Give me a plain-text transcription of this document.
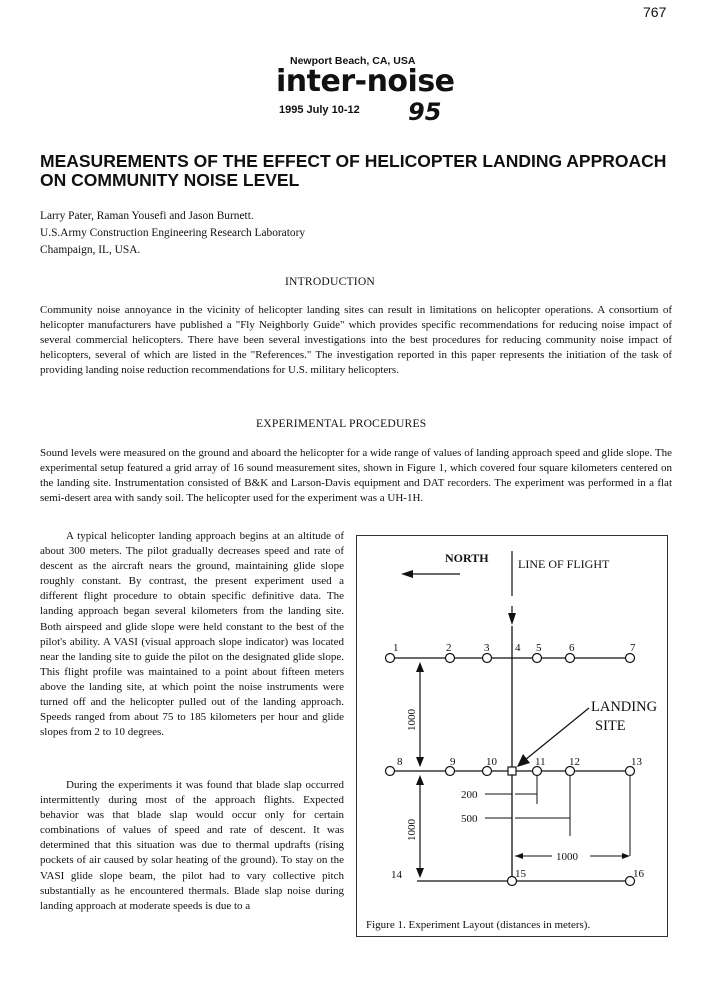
767
Newport Beach, CA, USA
inter-noise
1995 July 10-12 95
MEASUREMENTS OF THE EFFECT OF HELICOPTER LANDING APPROACH ON COMMUNITY NOISE LEVEL
Larry Pater, Raman Yousefi and Jason Burnett.
U.S.Army Construction Engineering Research Laboratory
Champaign, IL, USA.
INTRODUCTION
Community noise annoyance in the vicinity of helicopter landing sites can result in limitations on helicopter operations. A consortium of helicopter manufacturers have published a "Fly Neighborly Guide" which provides specific recommendations for reducing noise impact of several commercial helicopters. There have been several investigations into the best procedures for reducing community noise impact of helicopters, several of which are listed in the "References." The investigation reported in this paper represents the initiation of the task of providing landing noise reduction recommendations for U.S. military helicopters.
EXPERIMENTAL PROCEDURES
Sound levels were measured on the ground and aboard the helicopter for a wide range of values of landing approach speed and glide slope. The experimental setup featured a grid array of 16 sound measurement sites, shown in Figure 1, which covered four square kilometers centered on the landing site. Instrumentation consisted of B&K and Larson-Davis equipment and DAT recorders. The experiment was performed in a flat semi-desert area with sandy soil. The helicopter used for the experiment was a UH-1H.
A typical helicopter landing approach begins at an altitude of about 300 meters. The pilot gradually decreases speed and rate of descent as the aircraft nears the ground, maintaining glide slope roughly constant. By contrast, the present experiment used a different flight procedure to obtain specific definitive data. The landing approach began several kilometers from the landing site. Both airspeed and glide slope were held constant to the best of the pilot's ability. A VASI (visual approach slope indicator) was located near the landing site to guide the pilot on the designated glide slope. This flight profile was maintained to a point about fifteen meters above the landing site, at which point the noise instruments were turned off and the helicopter pulled out of the landing approach. Speeds ranged from about 75 to 185 kilometers per hour and glide slopes from 2 to 10 degrees.
During the experiments it was found that blade slap occurred intermittently during most of the approach flights. Expected behavior was that blade slap would occur only for certain combinations of values of speed and rate of descent. It was determined that this situation was due to thermal updrafts (rising pockets of air caused by solar heating of the ground). To stay on the VASI glide slope beam, the pilot had to vary collective pitch substantially as he encountered thermals. Blade slap noise during landing approach at moderate speeds is due to a
NORTH LINE OF FLIGHT
200
500
1000
1000
1000
LANDING
SITE
1	2	3 4 5	6	7
8	9	10	11 12	13
14	15	16
Figure 1. Experiment Layout (distances in meters).
